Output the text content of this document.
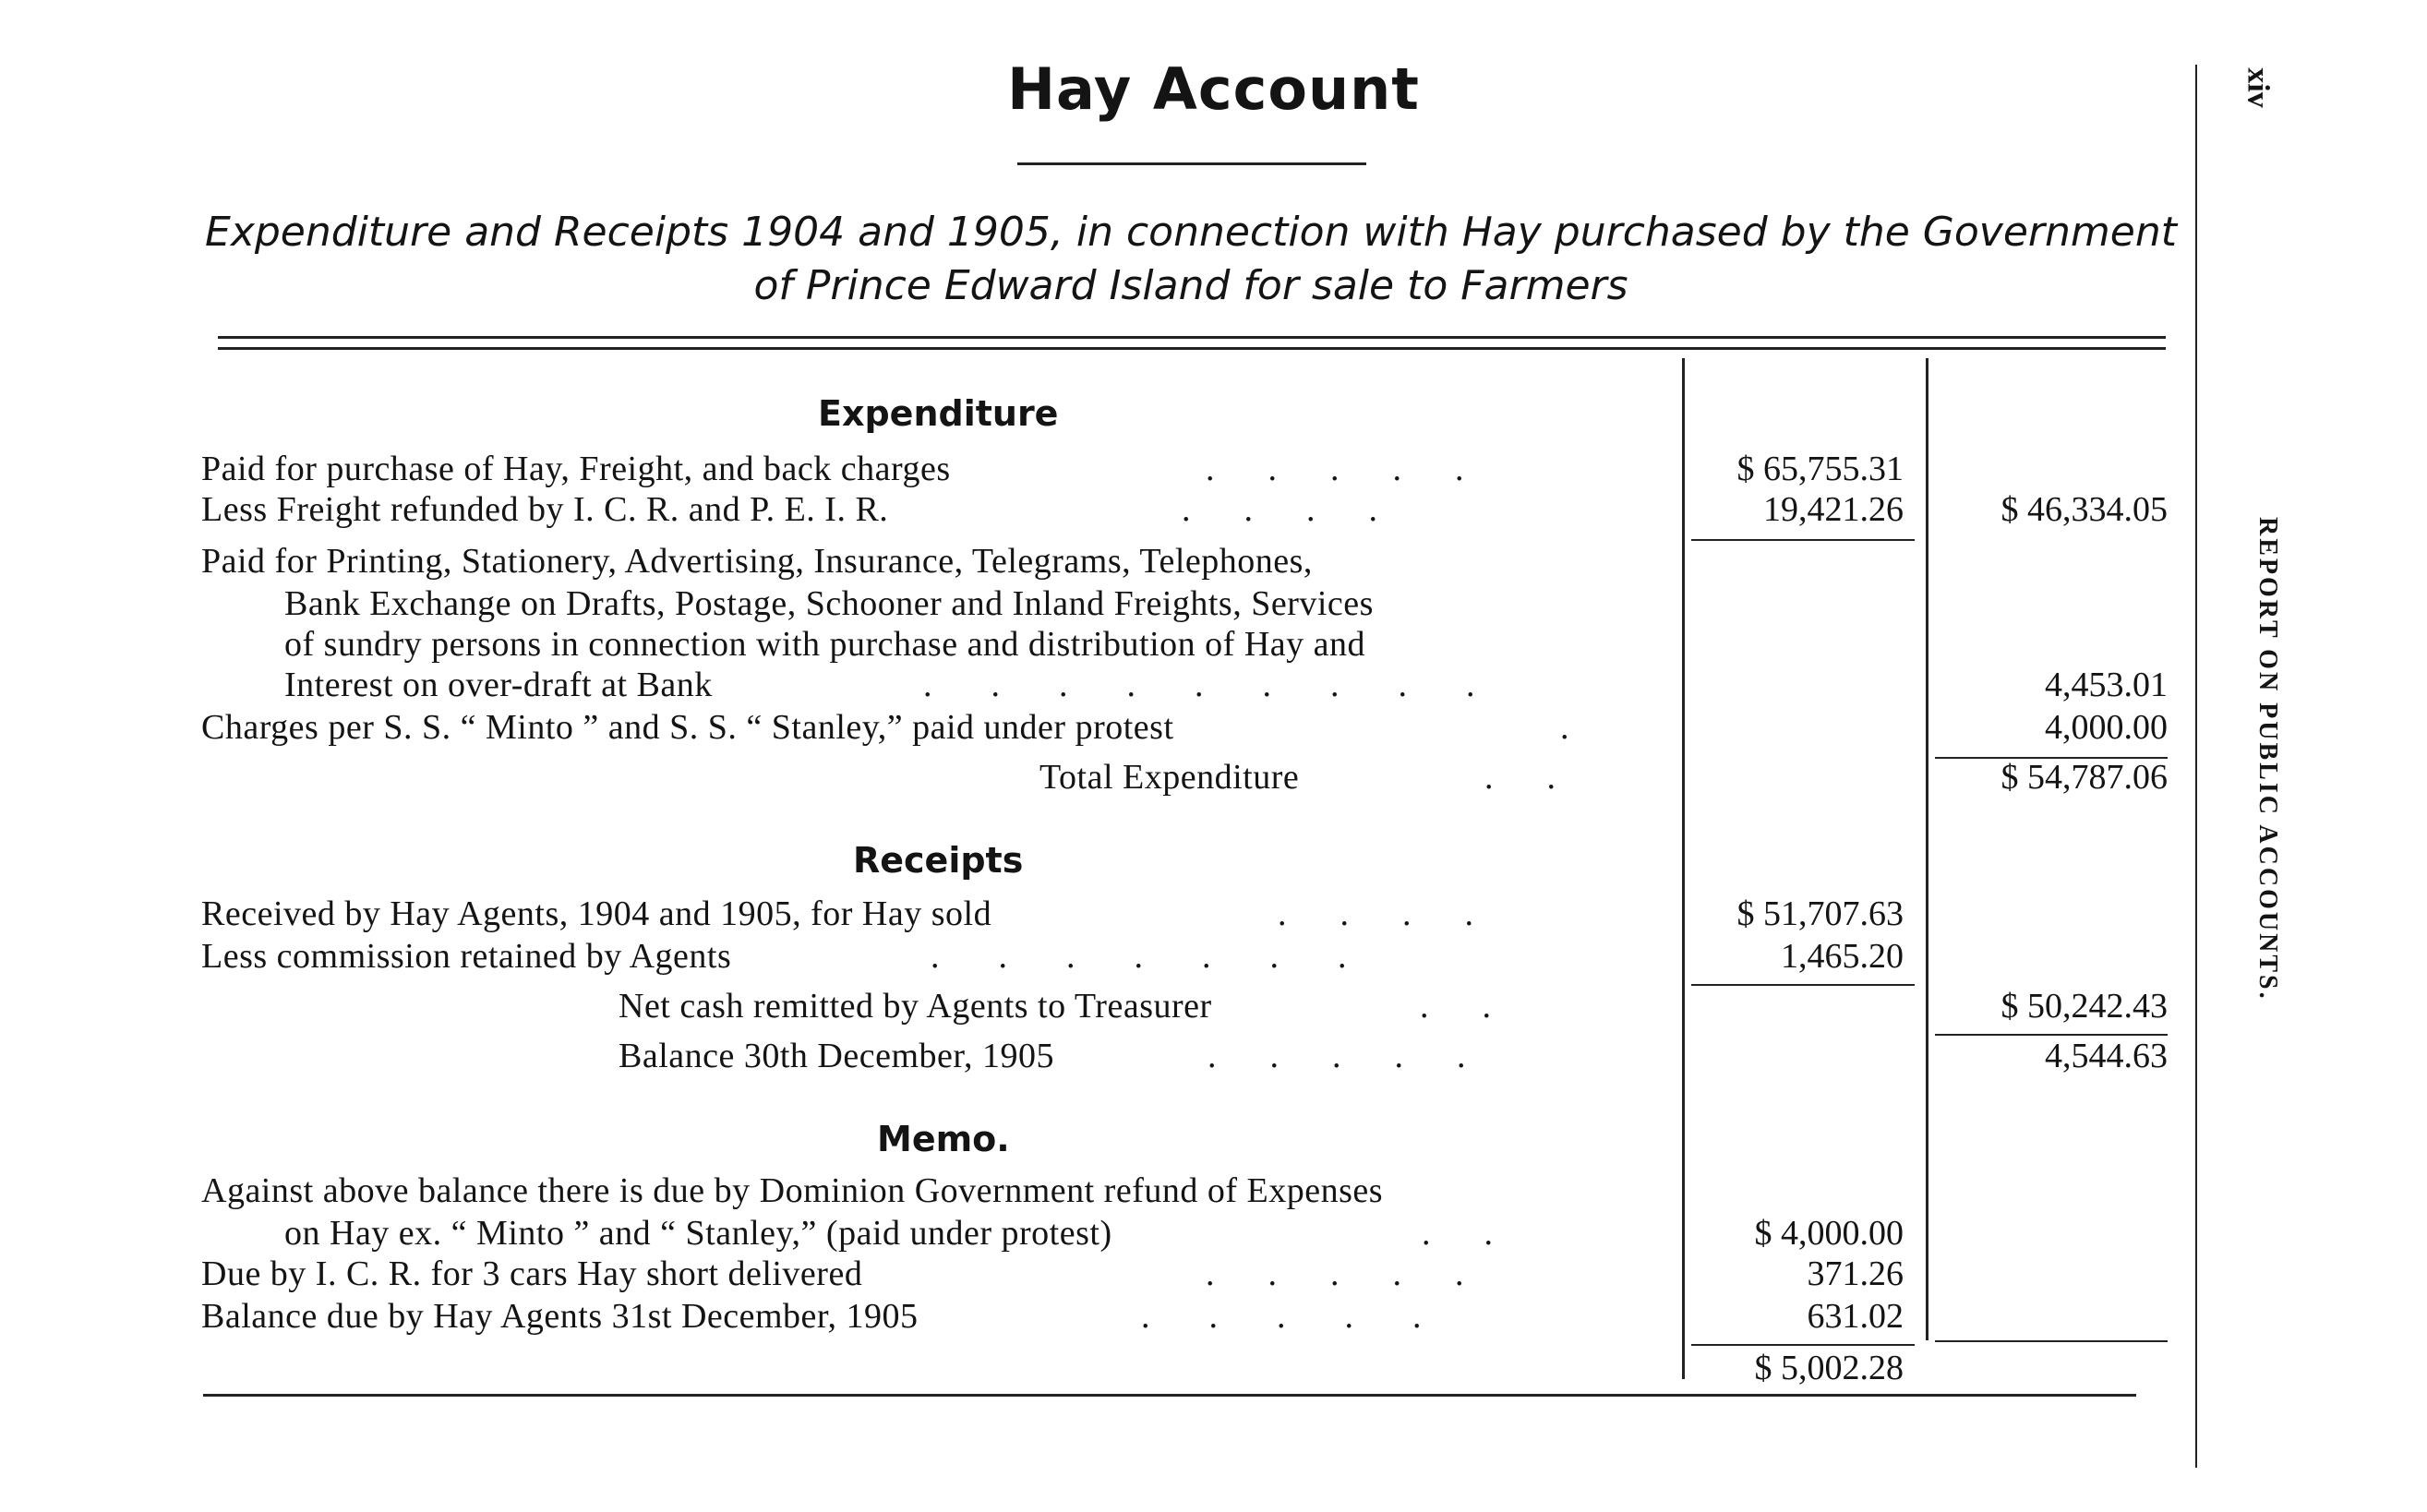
Hay Account
Expenditure and Receipts 1904 and 1905, in connection with Hay purchased by the Government
of Prince Edward Island for sale to Farmers
xiv
REPORT ON PUBLIC ACCOUNTS.
Expenditure
Paid for purchase of Hay, Freight, and back charges	.....	$ 65,755.31
Less Freight refunded by I. C. R. and P. E. I. R.	....	19,421.26	$ 46,334.05
Paid for Printing, Stationery, Advertising, Insurance, Telegrams, Telephones,
Bank Exchange on Drafts, Postage, Schooner and Inland Freights, Services
of sundry persons in connection with purchase and distribution of Hay and
Interest on over-draft at Bank	.........	4,453.01
Charges per S. S. “ Minto ” and S. S. “ Stanley,” paid under protest	.	4,000.00
Total Expenditure	..	$ 54,787.06
Receipts
Received by Hay Agents, 1904 and 1905, for Hay sold	....	$ 51,707.63
Less commission retained by Agents	.......	1,465.20
Net cash remitted by Agents to Treasurer	..	$ 50,242.43
Balance 30th December, 1905	.....	4,544.63
Memo.
Against above balance there is due by Dominion Government refund of Expenses
on Hay ex. “ Minto ” and “ Stanley,” (paid under protest)	..	$ 4,000.00
Due by I. C. R. for 3 cars Hay short delivered	.....	371.26
Balance due by Hay Agents 31st December, 1905	.....	631.02
$ 5,002.28
